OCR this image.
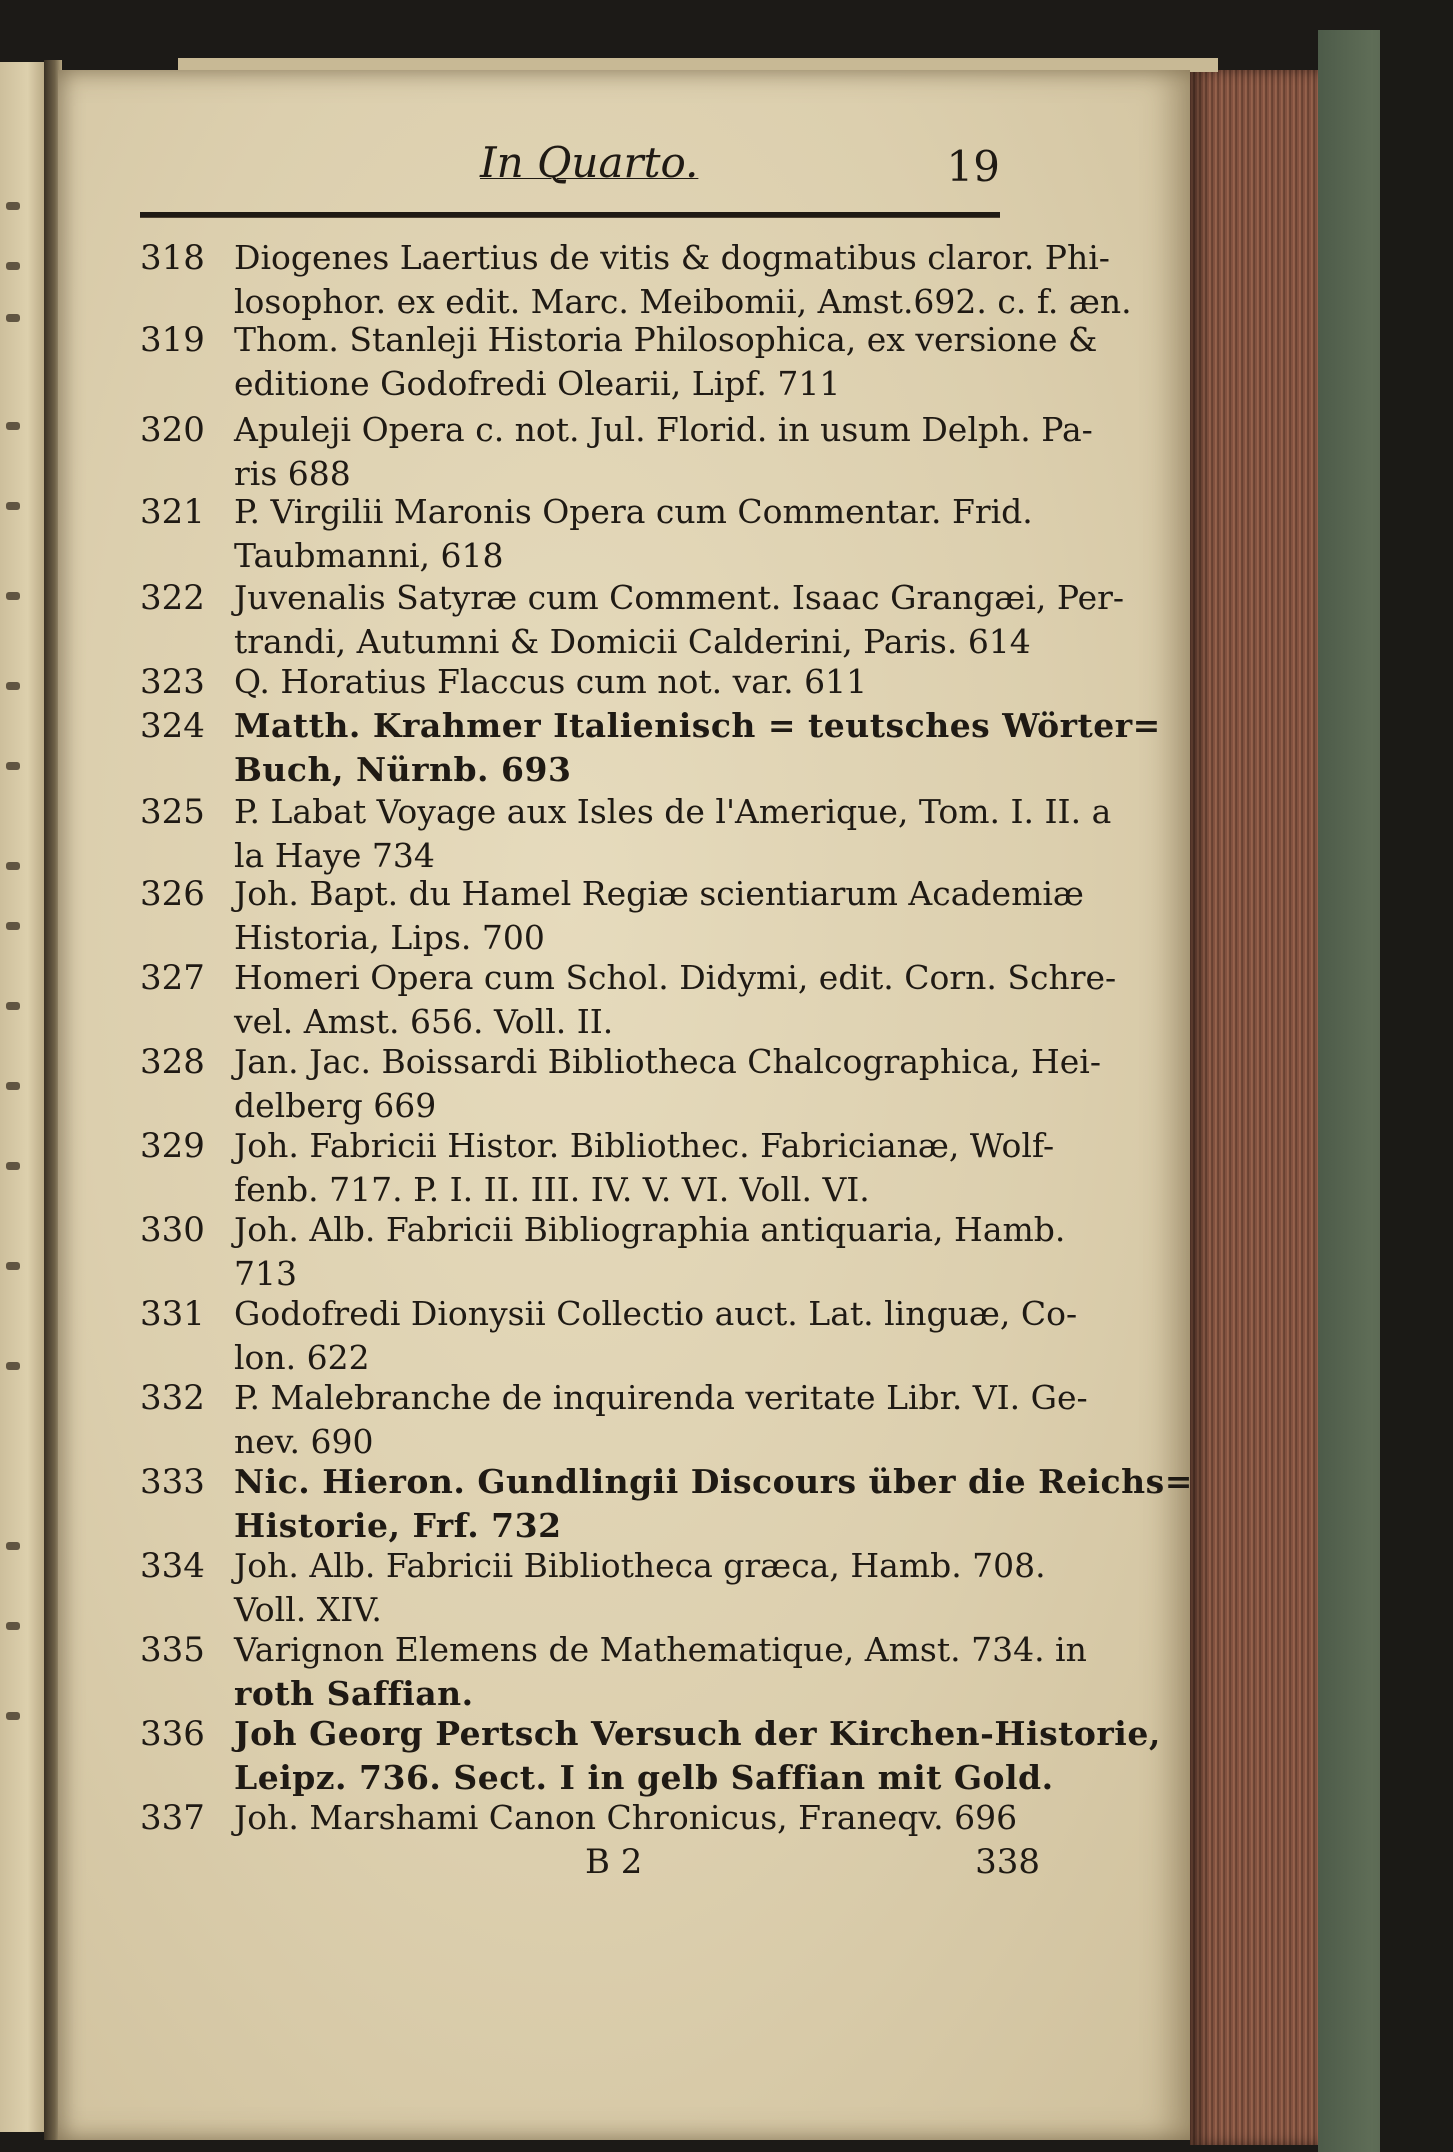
In Quarto.	19
318 Diogenes Laertius de vitis & dogmatibus claror. Phi-
losophor. ex edit. Marc. Meibomii, Amst.692. c. f. æn.
319 Thom. Stanleji Historia Philosophica, ex versione &
editione Godofredi Olearii, Lipf. 711
320 Apuleji Opera c. not. Jul. Florid. in usum Delph. Pa-
ris 688
321 P. Virgilii Maronis Opera cum Commentar. Frid.
Taubmanni, 618
322 Juvenalis Satyræ cum Comment. Isaac Grangæi, Per-
trandi, Autumni & Domicii Calderini, Paris. 614
323 Q. Horatius Flaccus cum not. var. 611
324 Matth. Krahmer Italienisch = teutsches Wörter=
Buch, Nürnb. 693
325 P. Labat Voyage aux Isles de l'Amerique, Tom. I. II. a
la Haye 734
326 Joh. Bapt. du Hamel Regiæ scientiarum Academiæ
Historia, Lips. 700
327 Homeri Opera cum Schol. Didymi, edit. Corn. Schre-
vel. Amst. 656. Voll. II.
328 Jan. Jac. Boissardi Bibliotheca Chalcographica, Hei-
delberg 669
329 Joh. Fabricii Histor. Bibliothec. Fabricianæ, Wolf-
fenb. 717. P. I. II. III. IV. V. VI. Voll. VI.
330 Joh. Alb. Fabricii Bibliographia antiquaria, Hamb.
713
331 Godofredi Dionysii Collectio auct. Lat. linguæ, Co-
lon. 622
332 P. Malebranche de inquirenda veritate Libr. VI. Ge-
nev. 690
333 Nic. Hieron. Gundlingii Discours über die Reichs=
Historie, Frf. 732
334 Joh. Alb. Fabricii Bibliotheca græca, Hamb. 708.
Voll. XIV.
335 Varignon Elemens de Mathematique, Amst. 734. in
roth Saffian.
336 Joh Georg Pertsch Versuch der Kirchen-Historie,
Leipz. 736. Sect. I in gelb Saffian mit Gold.
337 Joh. Marshami Canon Chronicus, Franeqv. 696
B 2	338
